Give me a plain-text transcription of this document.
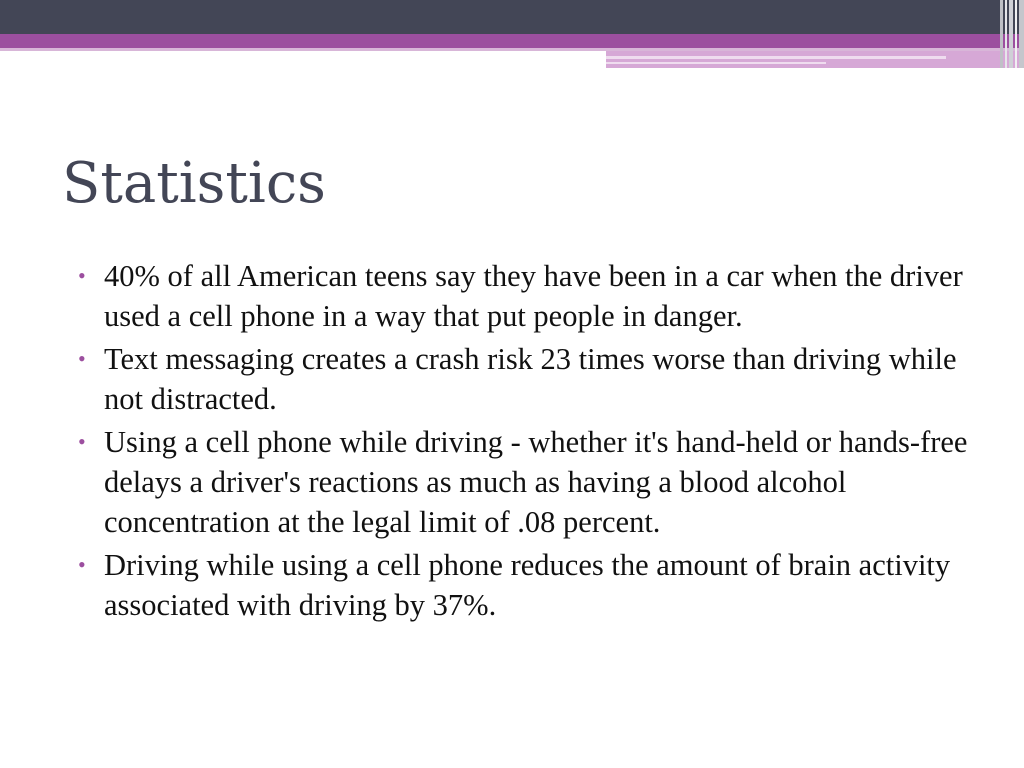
Statistics
• 40% of all American teens say they have been in a car when the driver used a cell phone in a way that put people in danger.
• Text messaging creates a crash risk 23 times worse than driving while not distracted.
• Using a cell phone while driving - whether it's hand-held or hands-free delays a driver's reactions as much as having a blood alcohol concentration at the legal limit of .08 percent.
• Driving while using a cell phone reduces the amount of brain activity associated with driving by 37%.
